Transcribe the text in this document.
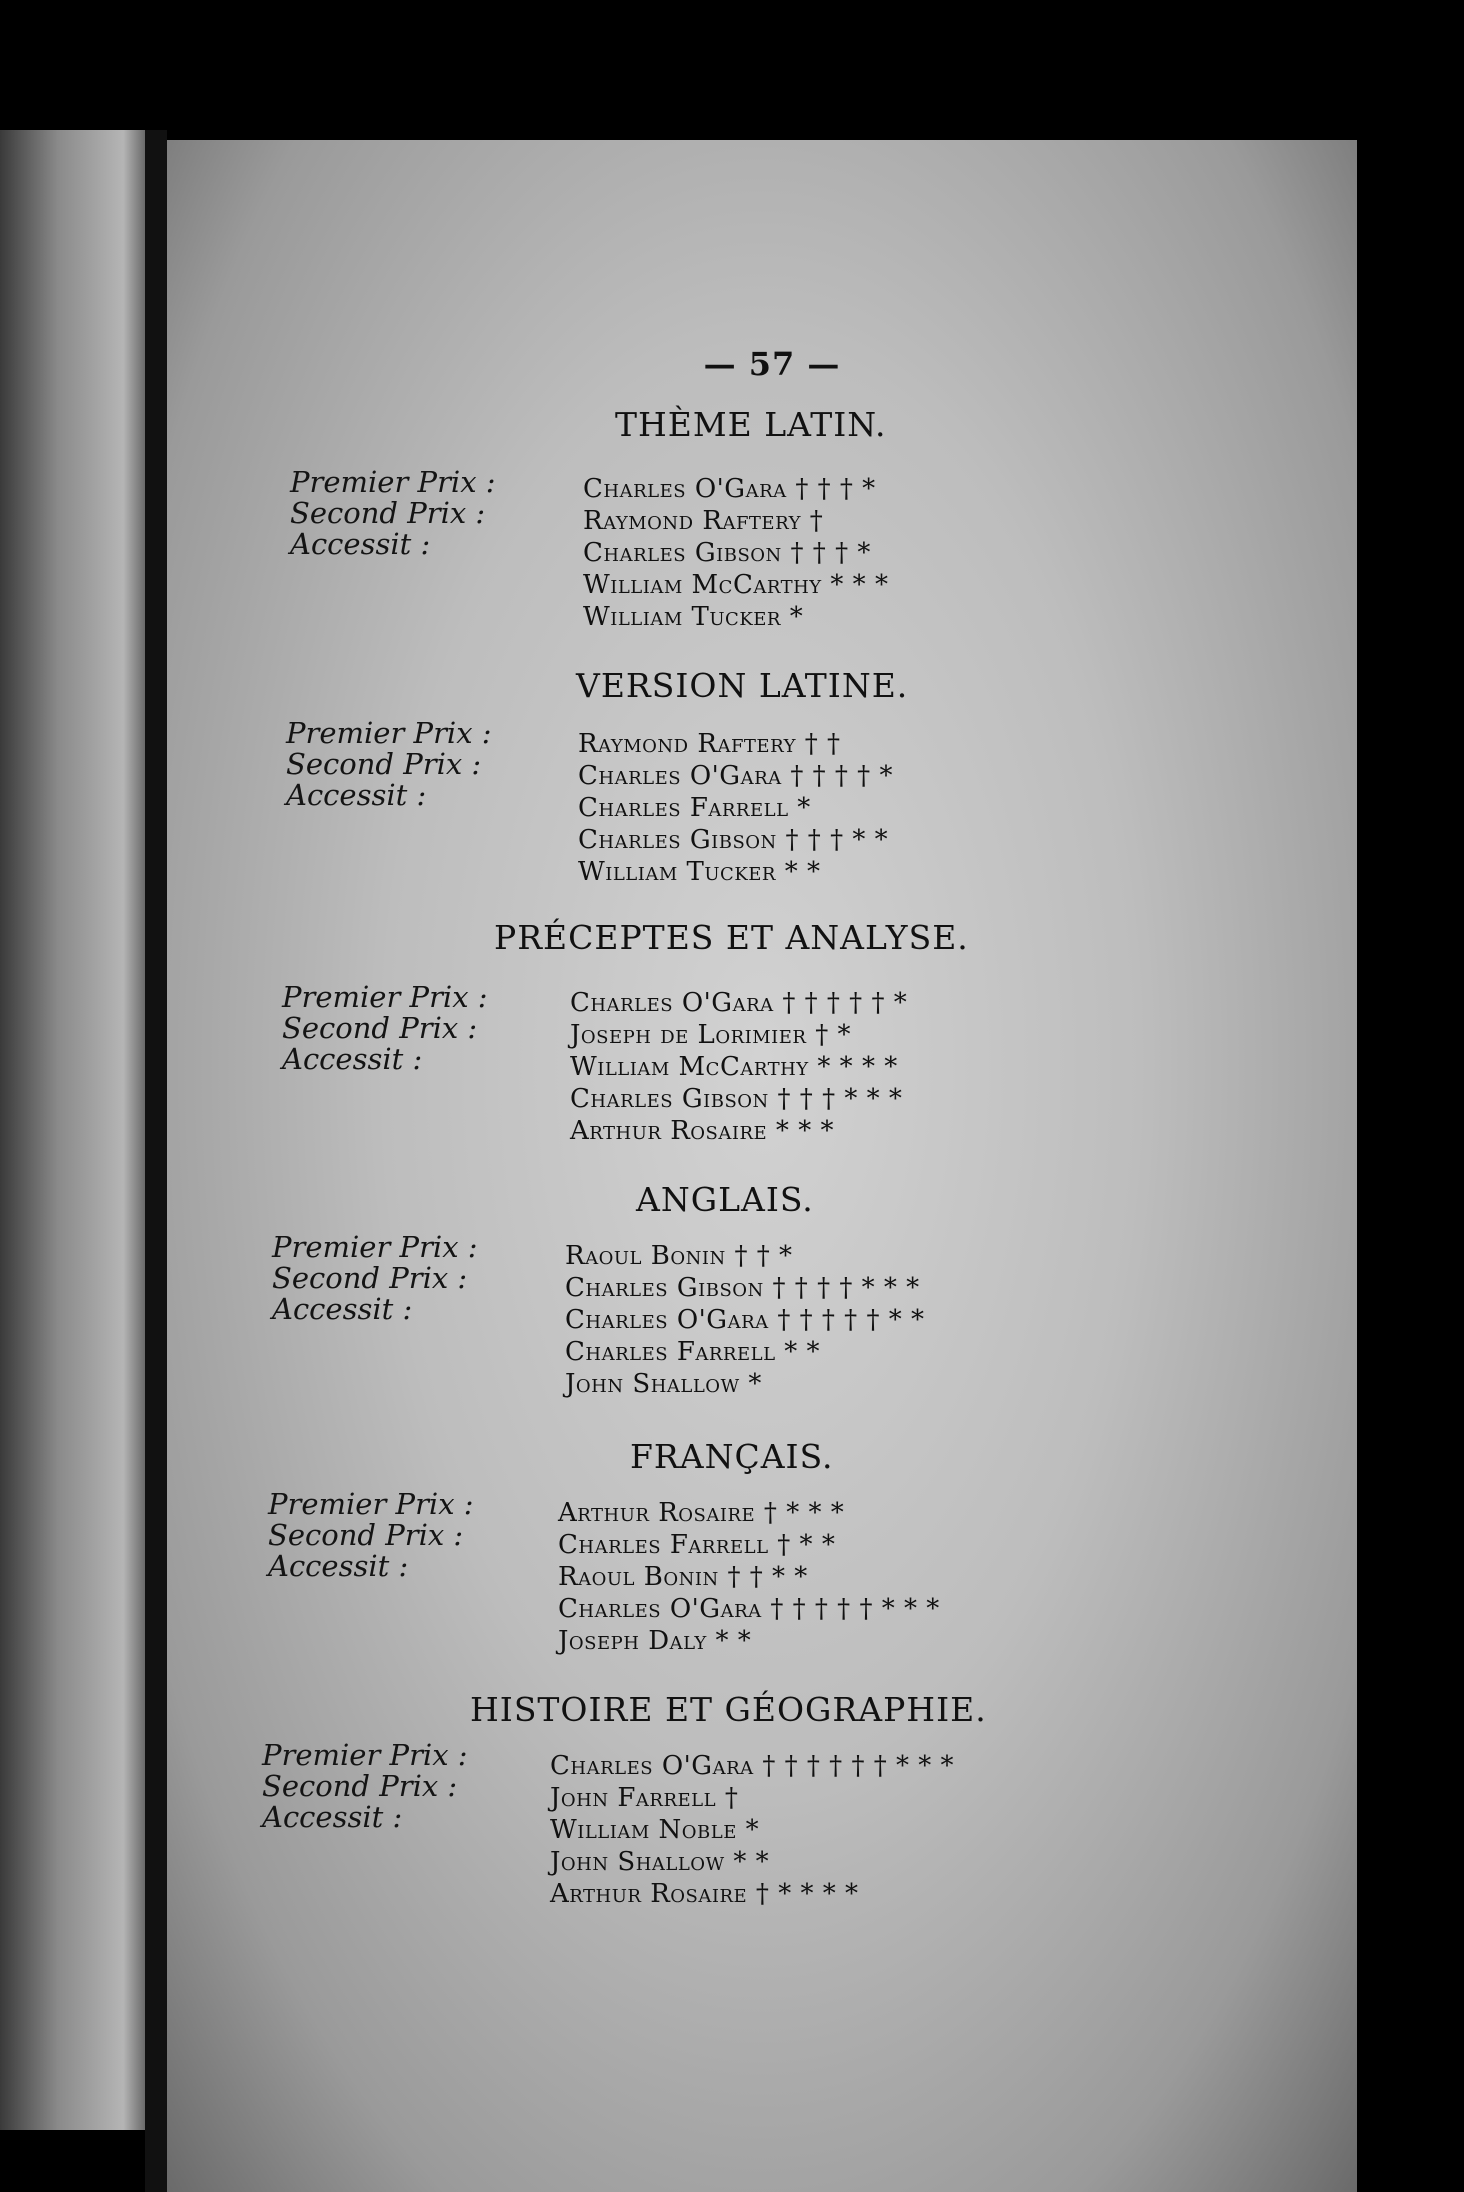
— 57 —
THÈME LATIN.
Premier Prix :
Second Prix :
Accessit :
Charles O'Gara † † † *
Raymond Raftery †
Charles Gibson † † † *
William McCarthy * * *
William Tucker *
VERSION LATINE.
Premier Prix :
Second Prix :
Accessit :
Raymond Raftery † †
Charles O'Gara † † † † *
Charles Farrell *
Charles Gibson † † † * *
William Tucker * *
PRÉCEPTES ET ANALYSE.
Premier Prix :
Second Prix :
Accessit :
Charles O'Gara † † † † † *
Joseph de Lorimier † *
William McCarthy * * * *
Charles Gibson † † † * * *
Arthur Rosaire * * *
ANGLAIS.
Premier Prix :
Second Prix :
Accessit :
Raoul Bonin † † *
Charles Gibson † † † † * * *
Charles O'Gara † † † † † * *
Charles Farrell * *
John Shallow *
FRANÇAIS.
Premier Prix :
Second Prix :
Accessit :
Arthur Rosaire † * * *
Charles Farrell † * *
Raoul Bonin † † * *
Charles O'Gara † † † † † * * *
Joseph Daly * *
HISTOIRE ET GÉOGRAPHIE.
Premier Prix :
Second Prix :
Accessit :
Charles O'Gara † † † † † † * * *
John Farrell †
William Noble *
John Shallow * *
Arthur Rosaire † * * * *
